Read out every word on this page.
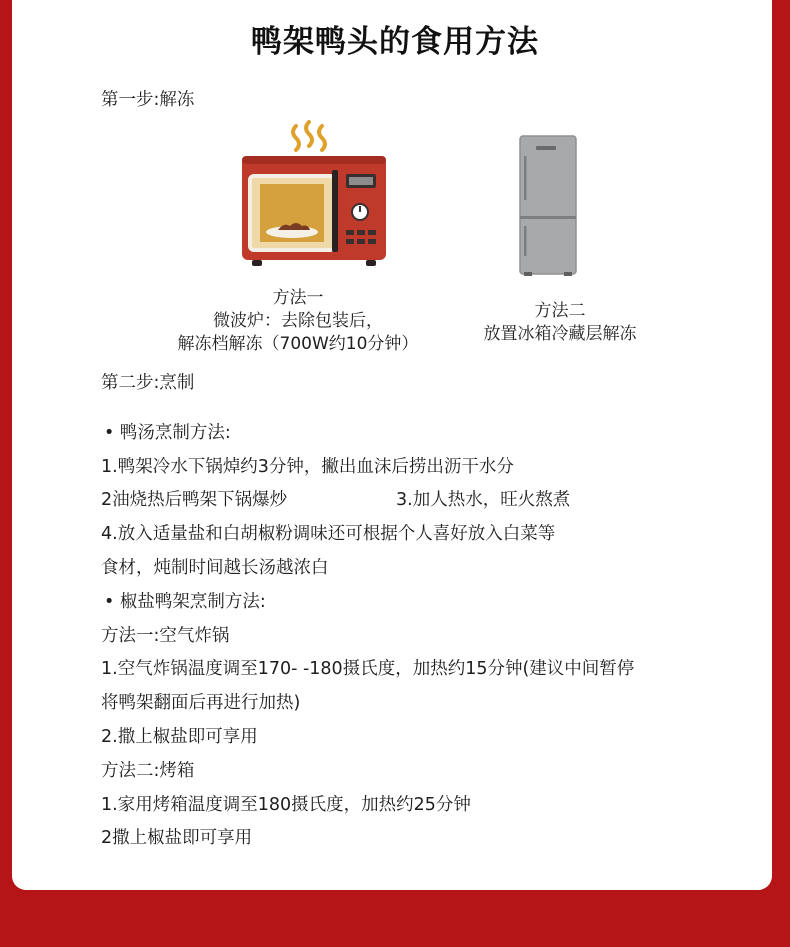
鸭架鸭头的食用方法
第一步:解冻
方法一
微波炉：去除包装后，
解冻档解冻（700W约10分钟）
方法二
放置冰箱冷藏层解冻
第二步:烹制
• 鸭汤烹制方法:
1.鸭架冷水下锅焯约3分钟，撇出血沫后捞出沥干水分
2油烧热后鸭架下锅爆炒	3.加人热水，旺火熬煮
4.放入适量盐和白胡椒粉调味还可根据个人喜好放入白菜等
食材，炖制时间越长汤越浓白
• 椒盐鸭架烹制方法:
方法一:空气炸锅
1.空气炸锅温度调至170- -180摄氏度，加热约15分钟(建议中间暂停
将鸭架翻面后再进行加热)
2.撒上椒盐即可享用
方法二:烤箱
1.家用烤箱温度调至180摄氏度，加热约25分钟
2撒上椒盐即可享用
